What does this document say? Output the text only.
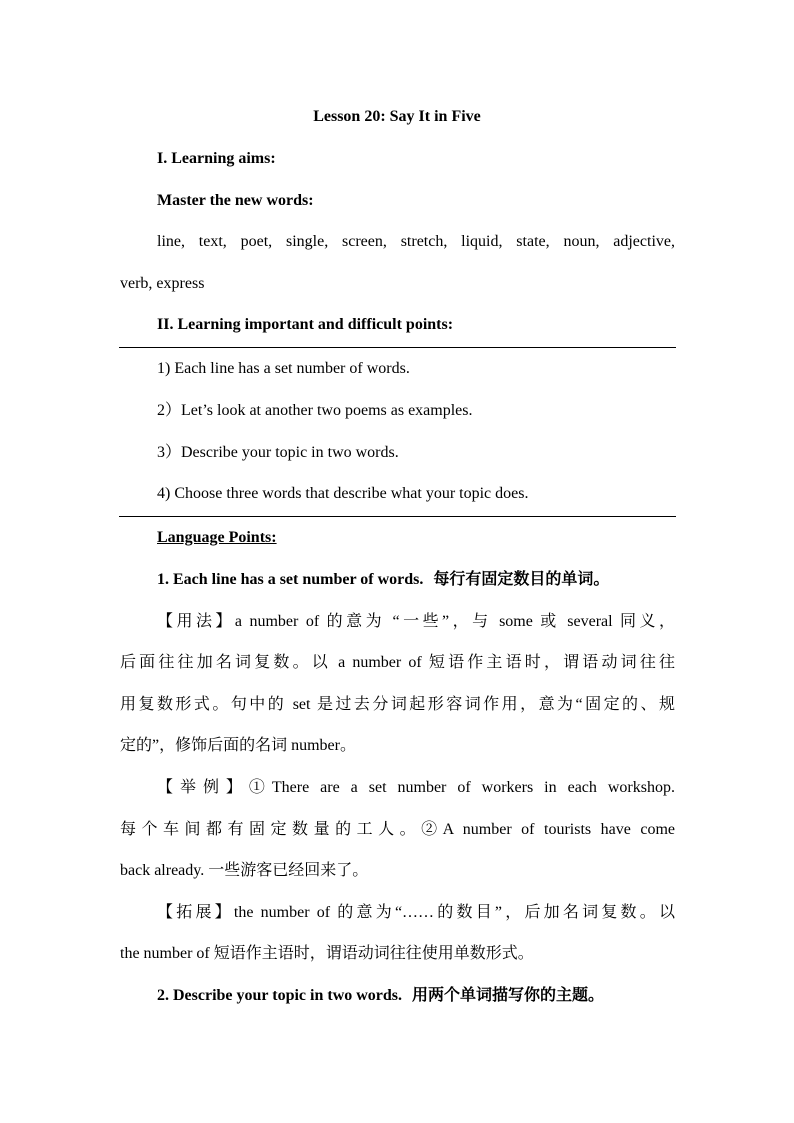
Lesson 20: Say It in Five
I. Learning aims:
Master the new words:
line, text, poet, single, screen, stretch, liquid, state, noun, adjective,
verb, express
II. Learning important and difficult points:
1) Each line has a set number of words.
2）Let’s look at another two poems as examples.
3）Describe your topic in two words.
4) Choose three words that describe what your topic does.
Language Points:
1. Each line has a set number of words. 每行有固定数目的单词。
【用法】a number of 的意为 “一些”，与 some 或 several 同义，
后面往往加名词复数。以 a number of 短语作主语时，谓语动词往往
用复数形式。句中的 set 是过去分词起形容词作用，意为“固定的、规
定的”，修饰后面的名词 number。
【举例】①There are a set number of workers in each workshop.
每个车间都有固定数量的工人。②A number of tourists have come
back already. 一些游客已经回来了。
【拓展】the number of 的意为“……的数目”，后加名词复数。以
the number of 短语作主语时，谓语动词往往使用单数形式。
2. Describe your topic in two words. 用两个单词描写你的主题。
